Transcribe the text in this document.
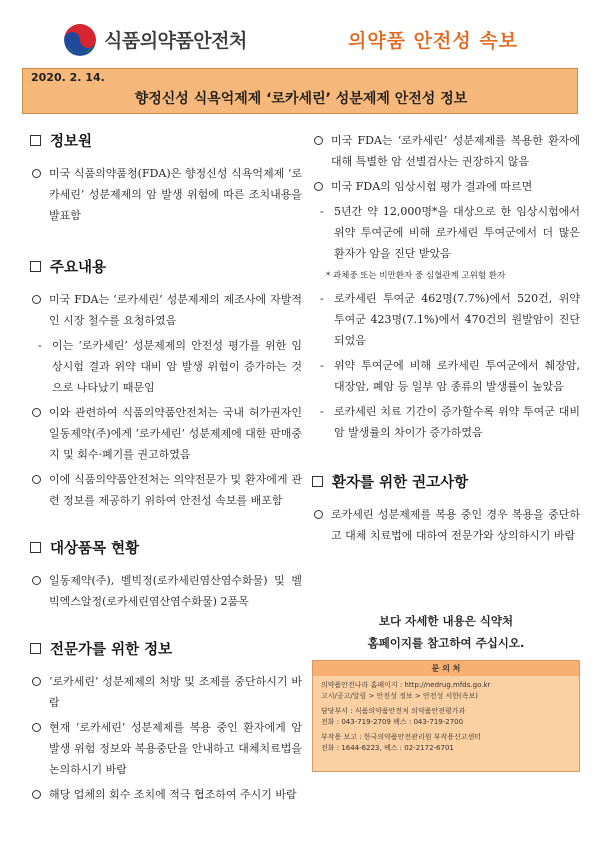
식품의약품안전처	의약품 안전성 속보
2020. 2. 14.
향정신성 식욕억제제 ‘로카세린’ 성분제제 안전성 정보
정보원
미국 식품의약품청(FDA)은 향정신성 식욕억제제 ‘로카세린’ 성분제제의 암 발생 위험에 따른 조치내용을 발표함
주요내용
미국 FDA는 ‘로카세린’ 성분제제의 제조사에 자발적인 시장 철수를 요청하였음
- 이는 ‘로카세린’ 성분제제의 안전성 평가를 위한 임상시험 결과 위약 대비 암 발생 위험이 증가하는 것으로 나타났기 때문임
이와 관련하여 식품의약품안전처는 국내 허가권자인 일동제약(주)에게 ‘로카세린’ 성분제제에 대한 판매중지 및 회수·폐기를 권고하였음
이에 식품의약품안전처는 의약전문가 및 환자에게 관련 정보를 제공하기 위하여 안전성 속보를 배포함
대상품목 현황
일동제약(주), 벨빅정(로카세린염산염수화물) 및 벨빅엑스알정(로카세린염산염수화물) 2품목
전문가를 위한 정보
‘로카세린’ 성분제제의 처방 및 조제를 중단하시기 바람
현재 ‘로카세린’ 성분제제를 복용 중인 환자에게 암 발생 위험 정보와 복용중단을 안내하고 대체치료법을 논의하시기 바람
해당 업체의 회수 조치에 적극 협조하여 주시기 바람
미국 FDA는 ‘로카세린’ 성분제제를 복용한 환자에 대해 특별한 암 선별검사는 권장하지 않음
미국 FDA의 임상시험 평가 결과에 따르면
- 5년간 약 12,000명*을 대상으로 한 임상시험에서 위약 투여군에 비해 로카세린 투여군에서 더 많은 환자가 암을 진단 받았음
* 과체중 또는 비만환자 중 심혈관계 고위험 환자
- 로카세린 투여군 462명(7.7%)에서 520건, 위약 투여군 423명(7.1%)에서 470건의 원발암이 진단되었음
- 위약 투여군에 비해 로카세린 투여군에서 췌장암, 대장암, 폐암 등 일부 암 종류의 발생률이 높았음
- 로카세린 치료 기간이 증가할수록 위약 투여군 대비 암 발생률의 차이가 증가하였음
환자를 위한 권고사항
로카세린 성분제제를 복용 중인 경우 복용을 중단하고 대체 치료법에 대하여 전문가와 상의하시기 바람
보다 자세한 내용은 식약처
홈페이지를 참고하여 주십시오.
문 의 처
의약품안전나라 홈페이지 : http://nedrug.mfds.go.kr
고시/공고/알림 > 안전성 정보 > 안전성 서한(속보)
담당부서 : 식품의약품안전처 의약품안전평가과
전화 : 043-719-2709 팩스 : 043-719-2700
부작용 보고 : 한국의약품안전관리원 부작용신고센터
전화 : 1644-6223, 팩스 : 02-2172-6701
